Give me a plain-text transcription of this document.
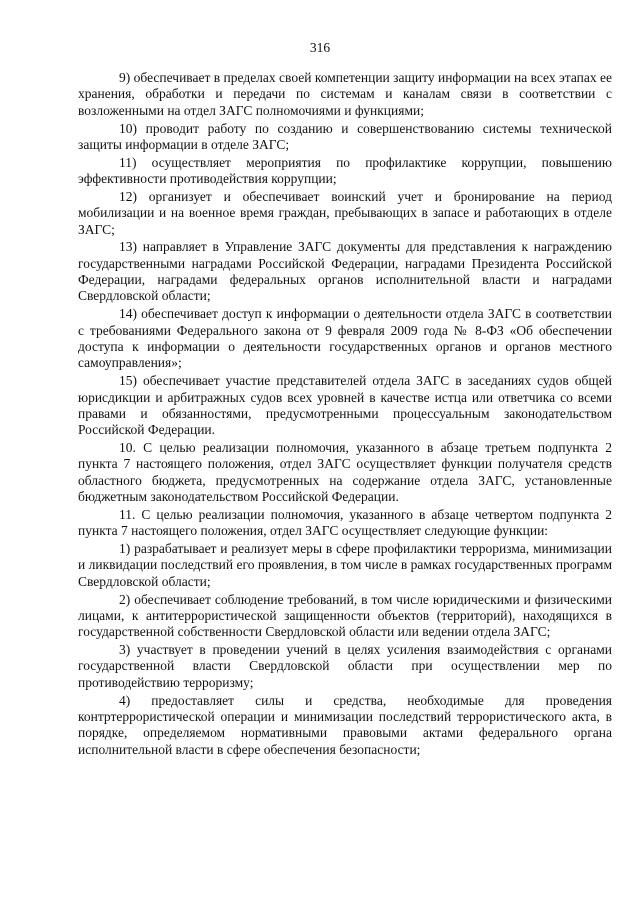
316

9) обеспечивает в пределах своей компетенции защиту информации на всех этапах ее хранения, обработки и передачи по системам и каналам связи в соответствии с возложенными на отдел ЗАГС полномочиями и функциями;

10) проводит работу по созданию и совершенствованию системы технической защиты информации в отделе ЗАГС;

11) осуществляет мероприятия по профилактике коррупции, повышению эффективности противодействия коррупции;

12) организует и обеспечивает воинский учет и бронирование на период мобилизации и на военное время граждан, пребывающих в запасе и работающих в отделе ЗАГС;

13) направляет в Управление ЗАГС документы для представления к награждению государственными наградами Российской Федерации, наградами Президента Российской Федерации, наградами федеральных органов исполнительной власти и наградами Свердловской области;

14) обеспечивает доступ к информации о деятельности отдела ЗАГС в соответствии с требованиями Федерального закона от 9 февраля 2009 года № 8-ФЗ «Об обеспечении доступа к информации о деятельности государственных органов и органов местного самоуправления»;

15) обеспечивает участие представителей отдела ЗАГС в заседаниях судов общей юрисдикции и арбитражных судов всех уровней в качестве истца или ответчика со всеми правами и обязанностями, предусмотренными процессуальным законодательством Российской Федерации.

10. С целью реализации полномочия, указанного в абзаце третьем подпункта 2 пункта 7 настоящего положения, отдел ЗАГС осуществляет функции получателя средств областного бюджета, предусмотренных на содержание отдела ЗАГС, установленные бюджетным законодательством Российской Федерации.

11. С целью реализации полномочия, указанного в абзаце четвертом подпункта 2 пункта 7 настоящего положения, отдел ЗАГС осуществляет следующие функции:

1) разрабатывает и реализует меры в сфере профилактики терроризма, минимизации и ликвидации последствий его проявления, в том числе в рамках государственных программ Свердловской области;

2) обеспечивает соблюдение требований, в том числе юридическими и физическими лицами, к антитеррористической защищенности объектов (территорий), находящихся в государственной собственности Свердловской области или ведении отдела ЗАГС;

3) участвует в проведении учений в целях усиления взаимодействия с органами государственной власти Свердловской области при осуществлении мер по противодействию терроризму;

4) предоставляет силы и средства, необходимые для проведения контртеррористической операции и минимизации последствий террористического акта, в порядке, определяемом нормативными правовыми актами федерального органа исполнительной власти в сфере обеспечения безопасности;
